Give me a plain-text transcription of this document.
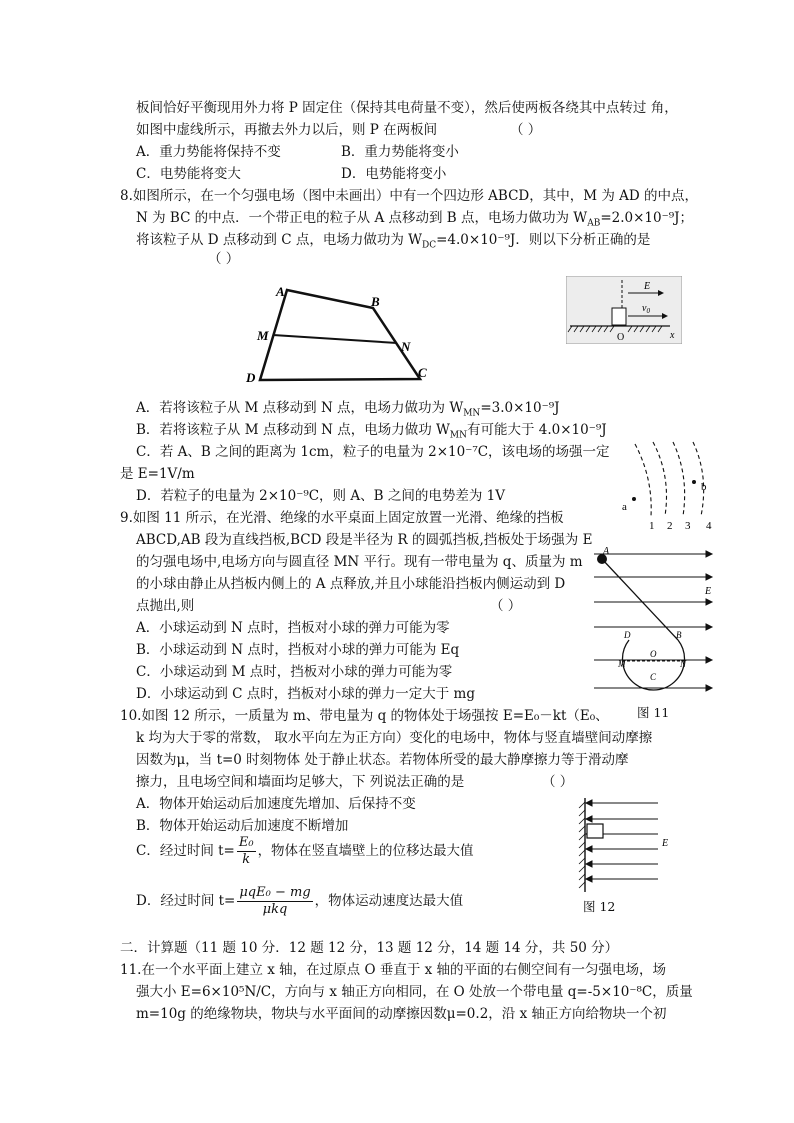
板间恰好平衡现用外力将 P 固定住（保持其电荷量不变），然后使两板各绕其中点转过 角，
如图中虚线所示，再撤去外力以后，则 P 在两板间	（ ）
A．重力势能将保持不变	B．重力势能将变小
C．电势能将变大	D．电势能将变小
8.如图所示，在一个匀强电场（图中未画出）中有一个四边形 ABCD，其中，M 为 AD 的中点，
N 为 BC 的中点．一个带正电的粒子从 A 点移动到 B 点，电场力做功为 $W_{AB}=2.0\times 10^{-9}J$；
将该粒子从 D 点移动到 C 点，电场力做功为 $W_{DC}=4.0\times 10^{-9}J$．则以下分析正确的是
（ ）
A
B
C
D
M
N
E
$v_0$
O	x
A．若将该粒子从 M 点移动到 N 点，电场力做功为 $W_{MN}=3.0\times 10^{-9}J$
B．若将该粒子从 M 点移动到 N 点，电场力做功 $W_{MN}$有可能大于 4.0×10⁻⁹J
C．若 A、B 之间的距离为 1cm，粒子的电量为 2×10⁻⁷C，该电场的场强一定
是 E=1V/m
D．若粒子的电量为 2×10⁻⁹C，则 A、B 之间的电势差为 1V
a
b
1 2 3 4
9.如图 11 所示，在光滑、绝缘的水平桌面上固定放置一光滑、绝缘的挡板
ABCD,AB 段为直线挡板,BCD 段是半径为 R 的圆弧挡板,挡板处于场强为 E
的匀强电场中,电场方向与圆直径 MN 平行。现有一带电量为 q、质量为 m
的小球由静止从挡板内侧上的 A 点释放,并且小球能沿挡板内侧运动到 D
点抛出,则	（ ）
A．小球运动到 N 点时，挡板对小球的弹力可能为零
B．小球运动到 N 点时，挡板对小球的弹力可能为 Eq
C．小球运动到 M 点时，挡板对小球的弹力可能为零
D．小球运动到 C 点时，挡板对小球的弹力一定大于 mg
A
B
D
C
O
M	N
E
图 11
10.如图 12 所示，一质量为 m、带电量为 q 的物体处于场强按 E=E₀－kt（E₀、
k 均为大于零的常数， 取水平向左为正方向）变化的电场中，物体与竖直墙壁间动摩擦
因数为μ，当 t=0 时刻物体 处于静止状态。若物体所受的最大静摩擦力等于滑动摩
擦力，且电场空间和墙面均足够大，下 列说法正确的是	（ ）
A．物体开始运动后加速度先增加、后保持不变
B．物体开始运动后加速度不断增加
C．经过时间 $t= \frac{\text{E₀}}{k}$ ，物体在竖直墙壁上的位移达最大值
D．经过时间 $t= \frac{\text{μqE₀ − mg}}{\text{μkq}}$ ，物体运动速度达最大值
E
图 12
二．计算题（11 题 10 分．12 题 12 分，13 题 12 分，14 题 14 分，共 50 分）
11.在一个水平面上建立 x 轴，在过原点 O 垂直于 x 轴的平面的右侧空间有一匀强电场，场
强大小 E=6×10⁵N/C，方向与 x 轴正方向相同，在 O 处放一个带电量 q=-5×10⁻⁸C，质量
m=10g 的绝缘物块，物块与水平面间的动摩擦因数μ=0.2，沿 x 轴正方向给物块一个初
